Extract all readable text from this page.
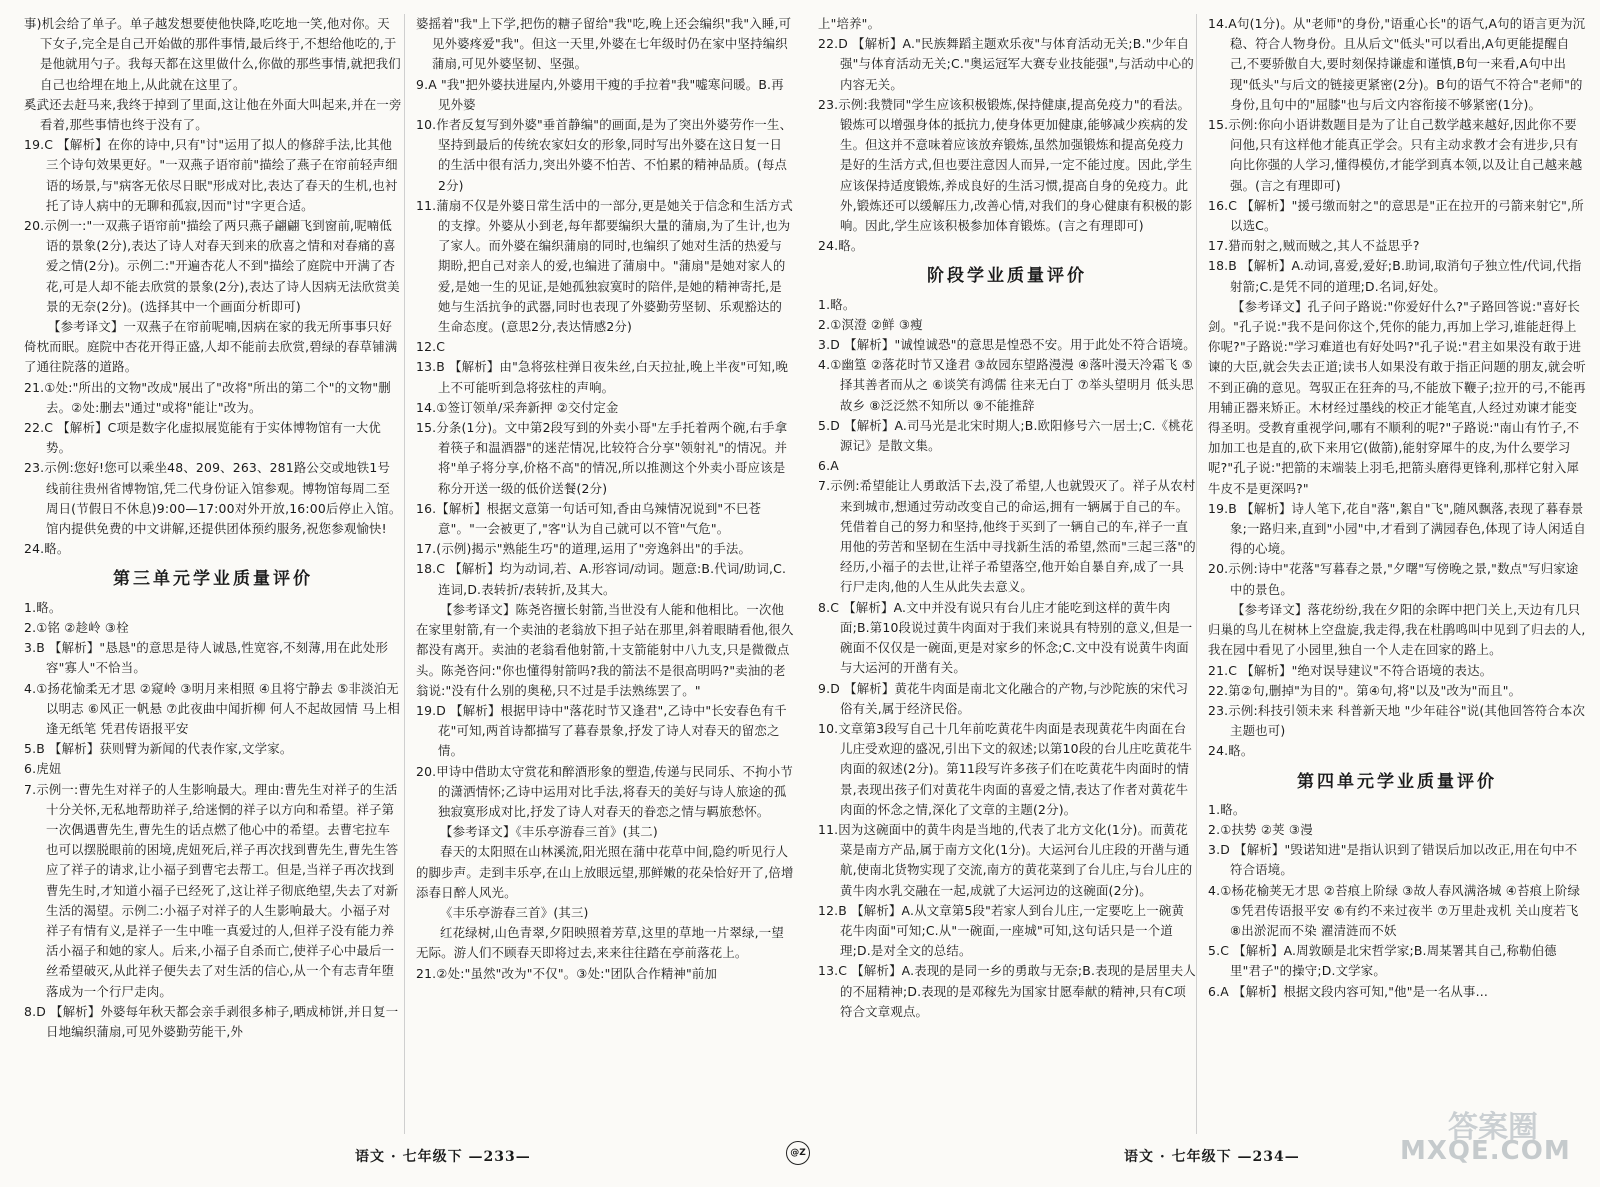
事)机会给了单子。单子越发想要使他快降,吃吃地一笑,他对你。天下女子,完全是自己开始做的那件事情,最后终于,不想给他吃的,于是他就用勺子。我每天都在这里做什么,你做的那些事情,就把我们自己也给埋在地上,从此就在这里了。

奚武还去赶马来,我终于掉到了里面,这让他在外面大叫起来,并在一旁看着,那些事情也终于没有了。

19.C 【解析】在你的诗中,只有"讨"运用了拟人的修辞手法,比其他三个诗句效果更好。"一双燕子语帘前"描绘了燕子在帘前轻声细语的场景,与"病客无依尽日眠"形成对比,表达了春天的生机,也衬托了诗人病中的无聊和孤寂,因而"讨"字更合适。

20.示例一:"一双燕子语帘前"描绘了两只燕子翩翩飞到窗前,呢喃低语的景象(2分),表达了诗人对春天到来的欣喜之情和对春痛的喜爱之情(2分)。示例二:"开遍杏花人不到"描绘了庭院中开满了杏花,可是人却不能去欣赏的景象(2分),表达了诗人因病无法欣赏美景的无奈(2分)。(选择其中一个画面分析即可)

【参考译文】一双燕子在帘前呢喃,因病在家的我无所事事只好倚枕而眠。庭院中杏花开得正盛,人却不能前去欣赏,碧绿的春草铺满了通往院落的道路。

21.①处:"所出的文物"改成"展出了"改将"所出的第二个"的文物"删去。②处:删去"通过"或将"能让"改为。

22.C 【解析】C项是数字化虚拟展览能有于实体博物馆有一大优势。

23.示例:您好!您可以乘坐48、209、263、281路公交或地铁1号线前往贵州省博物馆,凭二代身份证入馆参观。博物馆每周二至周日(节假日不休息)9:00—17:00对外开放,16:00后停止入馆。馆内提供免费的中文讲解,还提供团体预约服务,祝您参观愉快!

24.略。

第三单元学业质量评价

1.略。

2.①铭 ②趁岭 ③栓

3.B 【解析】"恳恳"的意思是待人诚恳,性宽容,不刻薄,用在此处形容"寡人"不恰当。

4.①扬花愉柔无才思 ②窥岭 ③明月来相照 ④且将宁静去 ⑤非淡泊无以明志 ⑥风正一帆悬 ⑦此夜曲中闻折柳 何人不起故园情 马上相逢无纸笔 凭君传语报平安

5.B 【解析】获则臂为新闻的代表作家,文学家。

6.虎妞

7.示例一:曹先生对祥子的人生影响最大。理由:曹先生对祥子的生活十分关怀,无私地帮助祥子,给迷惘的祥子以方向和希望。祥子第一次偶遇曹先生,曹先生的话点燃了他心中的希望。去曹宅拉车也可以摆脱眼前的困境,虎妞死后,祥子再次找到曹先生,曹先生答应了祥子的请求,让小福子到曹宅去帮工。但是,当祥子再次找到曹先生时,才知道小福子已经死了,这让祥子彻底绝望,失去了对新生活的渴望。示例二:小福子对祥子的人生影响最大。小福子对祥子有情有义,是祥子一生中唯一真爱过的人,但祥子没有能力养活小福子和她的家人。后来,小福子自杀而亡,使祥子心中最后一丝希望破灭,从此祥子便失去了对生活的信心,从一个有志青年堕落成为一个行尸走肉。

8.D 【解析】外婆每年秋天都会亲手剥很多柿子,晒成柿饼,并日复一日地编织蒲扇,可见外婆勤劳能干,外

婆摇着"我"上下学,把伤的糖子留给"我"吃,晚上还会编织"我"入睡,可见外婆疼爱"我"。但这一天里,外婆在七年级时仍在家中坚持编织蒲扇,可见外婆坚韧、坚强。

9.A "我"把外婆扶进屋内,外婆用干瘦的手拉着"我"嘘寒问暖。B.再见外婆

10.作者反复写到外婆"垂首静编"的画面,是为了突出外婆劳作一生、坚持到最后的传统农家妇女的形象,同时写出外婆在这日复一日的生活中很有活力,突出外婆不怕苦、不怕累的精神品质。(每点2分)

11.蒲扇不仅是外婆日常生活中的一部分,更是她关于信念和生活方式的支撑。外婆从小到老,每年都要编织大量的蒲扇,为了生计,也为了家人。而外婆在编织蒲扇的同时,也编织了她对生活的热爱与期盼,把自己对亲人的爱,也编进了蒲扇中。"蒲扇"是她对家人的爱,是她一生的见证,是她孤独寂寞时的陪伴,是她的精神寄托,是她与生活抗争的武器,同时也表现了外婆勤劳坚韧、乐观豁达的生命态度。(意思2分,表达情感2分)

12.C

13.B 【解析】由"急将弦柱弹日夜朱丝,白天拉扯,晚上半夜"可知,晚上不可能听到急将弦柱的声响。

14.①签订领单/采奔新押 ②交付定金

15.分条(1分)。文中第2段写到的外卖小哥"左手托着两个碗,右手拿着筷子和温酒器"的迷茫情况,比较符合分享"领射礼"的情况。并将"单子将分享,价格不高"的情况,所以推测这个外卖小哥应该是称分开送一级的低价送餐(2分)

16.【解析】根据文意第一句话可知,香由乌辣情况说到"不巳苍意"。"一会被更了,"客"认为自己就可以不管"气危"。

17.(示例)揭示"熟能生巧"的道理,运用了"旁逸斜出"的手法。

18.C 【解析】均为动词,若、A.形容词/动词。题意:B.代词/助词,C.连词,D.表转折/表转折,及其大。

【参考译文】陈尧咨擅长射箭,当世没有人能和他相比。一次他在家里射箭,有一个卖油的老翁放下担子站在那里,斜着眼睛看他,很久都没有离开。卖油的老翁看他射箭,十支箭能射中八九支,只是微微点头。陈尧咨问:"你也懂得射箭吗?我的箭法不是很高明吗?"卖油的老翁说:"没有什么别的奥秘,只不过是手法熟练罢了。"

19.D 【解析】根据甲诗中"落花时节又逢君",乙诗中"长安春色有千花"可知,两首诗都描写了暮春景象,抒发了诗人对春天的留恋之情。

20.甲诗中借助太守赏花和醉酒形象的塑造,传递与民同乐、不拘小节的潇洒情怀;乙诗中运用对比手法,将春天的美好与诗人旅途的孤独寂寞形成对比,抒发了诗人对春天的眷恋之情与羁旅愁怀。

【参考译文】《丰乐亭游春三首》(其二)

春天的太阳照在山林溪流,阳光照在蒲中花草中间,隐约听见行人的脚步声。走到丰乐亭,在山上放眼远望,那鲜嫩的花朵恰好开了,倍增添春日醉人风光。

《丰乐亭游春三首》(其三)

红花绿树,山色青翠,夕阳映照着芳草,这里的草地一片翠绿,一望无际。游人们不顾春天即将过去,来来往往踏在亭前落花上。

21.②处:"虽然"改为"不仅"。③处:"团队合作精神"前加

上"培养"。

22.D 【解析】A."民族舞蹈主题欢乐夜"与体育活动无关;B."少年自强"与体育活动无关;C."奥运冠军大赛专业技能强",与活动中心的内容无关。

23.示例:我赞同"学生应该积极锻炼,保持健康,提高免疫力"的看法。锻炼可以增强身体的抵抗力,使身体更加健康,能够减少疾病的发生。但这并不意味着应该放弃锻炼,虽然加强锻炼和提高免疫力是好的生活方式,但也要注意因人而异,一定不能过度。因此,学生应该保持适度锻炼,养成良好的生活习惯,提高自身的免疫力。此外,锻炼还可以缓解压力,改善心情,对我们的身心健康有积极的影响。因此,学生应该积极参加体育锻炼。(言之有理即可)

24.略。

阶段学业质量评价

1.略。

2.①溟澄 ②鲜 ③瘦

3.D 【解析】"诚惶诚恐"的意思是惶恐不安。用于此处不符合语境。

4.①幽篁 ②落花时节又逢君 ③故园东望路漫漫 ④落叶漫天冷霜飞 ⑤择其善者而从之 ⑥谈笑有鸿儒 往来无白丁 ⑦举头望明月 低头思故乡 ⑧泛泛然不知所以 ⑨不能推辞

5.D 【解析】A.司马光是北宋时期人;B.欧阳修号六一居士;C.《桃花源记》是散文集。

6.A

7.示例:希望能让人勇敢活下去,没了希望,人也就毁灭了。祥子从农村来到城市,想通过劳动改变自己的命运,拥有一辆属于自己的车。凭借着自己的努力和坚持,他终于买到了一辆自己的车,祥子一直用他的劳苦和坚韧在生活中寻找新生活的希望,然而"三起三落"的经历,小福子的去世,让祥子希望落空,他开始自暴自弃,成了一具行尸走肉,他的人生从此失去意义。

8.C 【解析】A.文中并没有说只有台儿庄才能吃到这样的黄牛肉面;B.第10段说过黄牛肉面对于我们来说具有特别的意义,但是一碗面不仅仅是一碗面,更是对家乡的怀念;C.文中没有说黄牛肉面与大运河的开凿有关。

9.D 【解析】黄花牛肉面是南北文化融合的产物,与沙陀族的宋代习俗有关,属于经济民俗。

10.文章第3段写自己十几年前吃黄花牛肉面是表现黄花牛肉面在台儿庄受欢迎的盛况,引出下文的叙述;以第10段的台儿庄吃黄花牛肉面的叙述(2分)。第11段写许多孩子们在吃黄花牛肉面时的情景,表现出孩子们对黄花牛肉面的喜爱之情,表达了作者对黄花牛肉面的怀念之情,深化了文章的主题(2分)。

11.因为这碗面中的黄牛肉是当地的,代表了北方文化(1分)。而黄花菜是南方产品,属于南方文化(1分)。大运河台儿庄段的开凿与通航,使南北货物实现了交流,南方的黄花菜到了台儿庄,与台儿庄的黄牛肉水乳交融在一起,成就了大运河边的这碗面(2分)。

12.B 【解析】A.从文章第5段"若家人到台儿庄,一定要吃上一碗黄花牛肉面"可知;C.从"一碗面,一座城"可知,这句话只是一个道理;D.是对全文的总结。

13.C 【解析】A.表现的是同一乡的勇敢与无奈;B.表现的是居里夫人的不屈精神;D.表现的是邓稼先为国家甘愿奉献的精神,只有C项符合文章观点。

14.A句(1分)。从"老师"的身份,"语重心长"的语气,A句的语言更为沉稳、符合人物身份。且从后文"低头"可以看出,A句更能提醒自己,不要骄傲自大,要时刻保持谦虚和谨慎,B句一来看,A句中出现"低头"与后文的链接更紧密(2分)。B句的语气不符合"老师"的身份,且句中的"屈膝"也与后文内容衔接不够紧密(1分)。

15.示例:你向小语讲数题目是为了让自己数学越来越好,因此你不要问他,只有这样他才能真正学会。只有主动求教才会有进步,只有向比你强的人学习,懂得模仿,才能学到真本领,以及让自己越来越强。(言之有理即可)

16.C 【解析】"援弓缴而射之"的意思是"正在拉开的弓箭来射它",所以选C。

17.猎而射之,贼而贼之,其人不益思乎?

18.B 【解析】A.动词,喜爱,爱好;B.助词,取消句子独立性/代词,代指射箭;C.是凭不同的道理;D.名词,好处。

【参考译文】孔子问子路说:"你爱好什么?"子路回答说:"喜好长剑。"孔子说:"我不是问你这个,凭你的能力,再加上学习,谁能赶得上你呢?"子路说:"学习难道也有好处吗?"孔子说:"君主如果没有敢于进谏的大臣,就会失去正道;读书人如果没有敢于指正问题的朋友,就会听不到正确的意见。驾驭正在狂奔的马,不能放下鞭子;拉开的弓,不能再用辅正器来矫正。木材经过墨线的校正才能笔直,人经过劝谏才能变得圣明。受教育重视学问,哪有不顺利的呢?"子路说:"南山有竹子,不加加工也是直的,砍下来用它(做箭),能射穿犀牛的皮,为什么要学习呢?"孔子说:"把箭的末端装上羽毛,把箭头磨得更锋利,那样它射入犀牛皮不是更深吗?"

19.B 【解析】诗人笔下,花自"落",絮自"飞",随风飘落,表现了暮春景象;一路归来,直到"小园"中,才看到了满园春色,体现了诗人闲适自得的心境。

20.示例:诗中"花落"写暮春之景,"夕曙"写傍晚之景,"数点"写归家途中的景色。

【参考译文】落花纷纷,我在夕阳的余晖中把门关上,天边有几只归巢的鸟儿在树林上空盘旋,我走得,我在杜鹃鸣叫中见到了归去的人,我在园中看见了小园里,独自一个人走在回家的路上。

21.C 【解析】"绝对误导建议"不符合语境的表达。

22.第②句,删掉"为目的"。第④句,将"以及"改为"而且"。

23.示例:科技引领未来 科普新天地 "少年硅谷"说(其他回答符合本次主题也可)

24.略。

第四单元学业质量评价

1.略。

2.①扶势 ②荚 ③漫

3.D 【解析】"毁诺知进"是指认识到了错误后加以改正,用在句中不符合语境。

4.①杨花榆荚无才思 ②苔痕上阶绿 ③故人春风满洛城 ④苔痕上阶绿 ⑤凭君传语报平安 ⑥有约不来过夜半 ⑦万里赴戎机 关山度若飞 ⑧出淤泥而不染 濯清涟而不妖

5.C 【解析】A.周敦颐是北宋哲学家;B.周某署其自己,称勒伯德里"君子"的操守;D.文学家。

6.A 【解析】根据文段内容可知,"他"是一名从事...

语文 · 七年级下 —233—	@Z	语文 · 七年级下 —234—
答案圈
MXQE.COM
